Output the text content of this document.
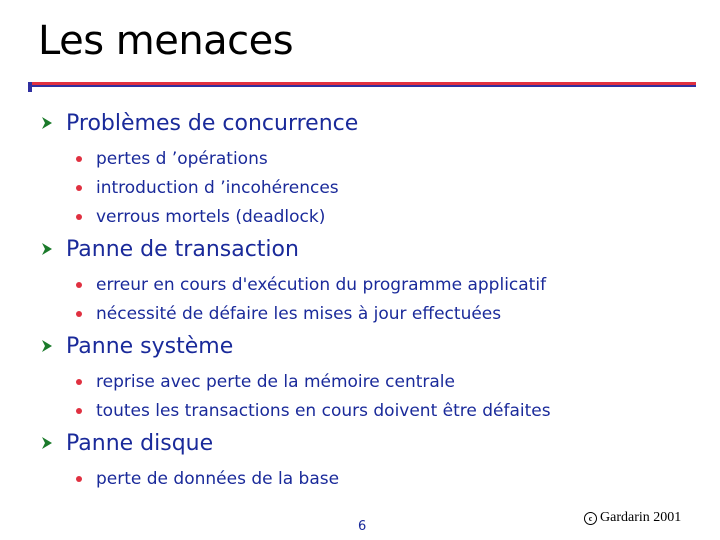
Les menaces
Problèmes de concurrence
pertes d ’opérations
introduction d ’incohérences
verrous mortels (deadlock)
Panne de transaction
erreur en cours d'exécution du programme applicatif
nécessité de défaire les mises à jour effectuées
Panne système
reprise avec perte de la mémoire centrale
toutes les transactions en cours doivent être défaites
Panne disque
perte de données de la base
6
c Gardarin 2001
